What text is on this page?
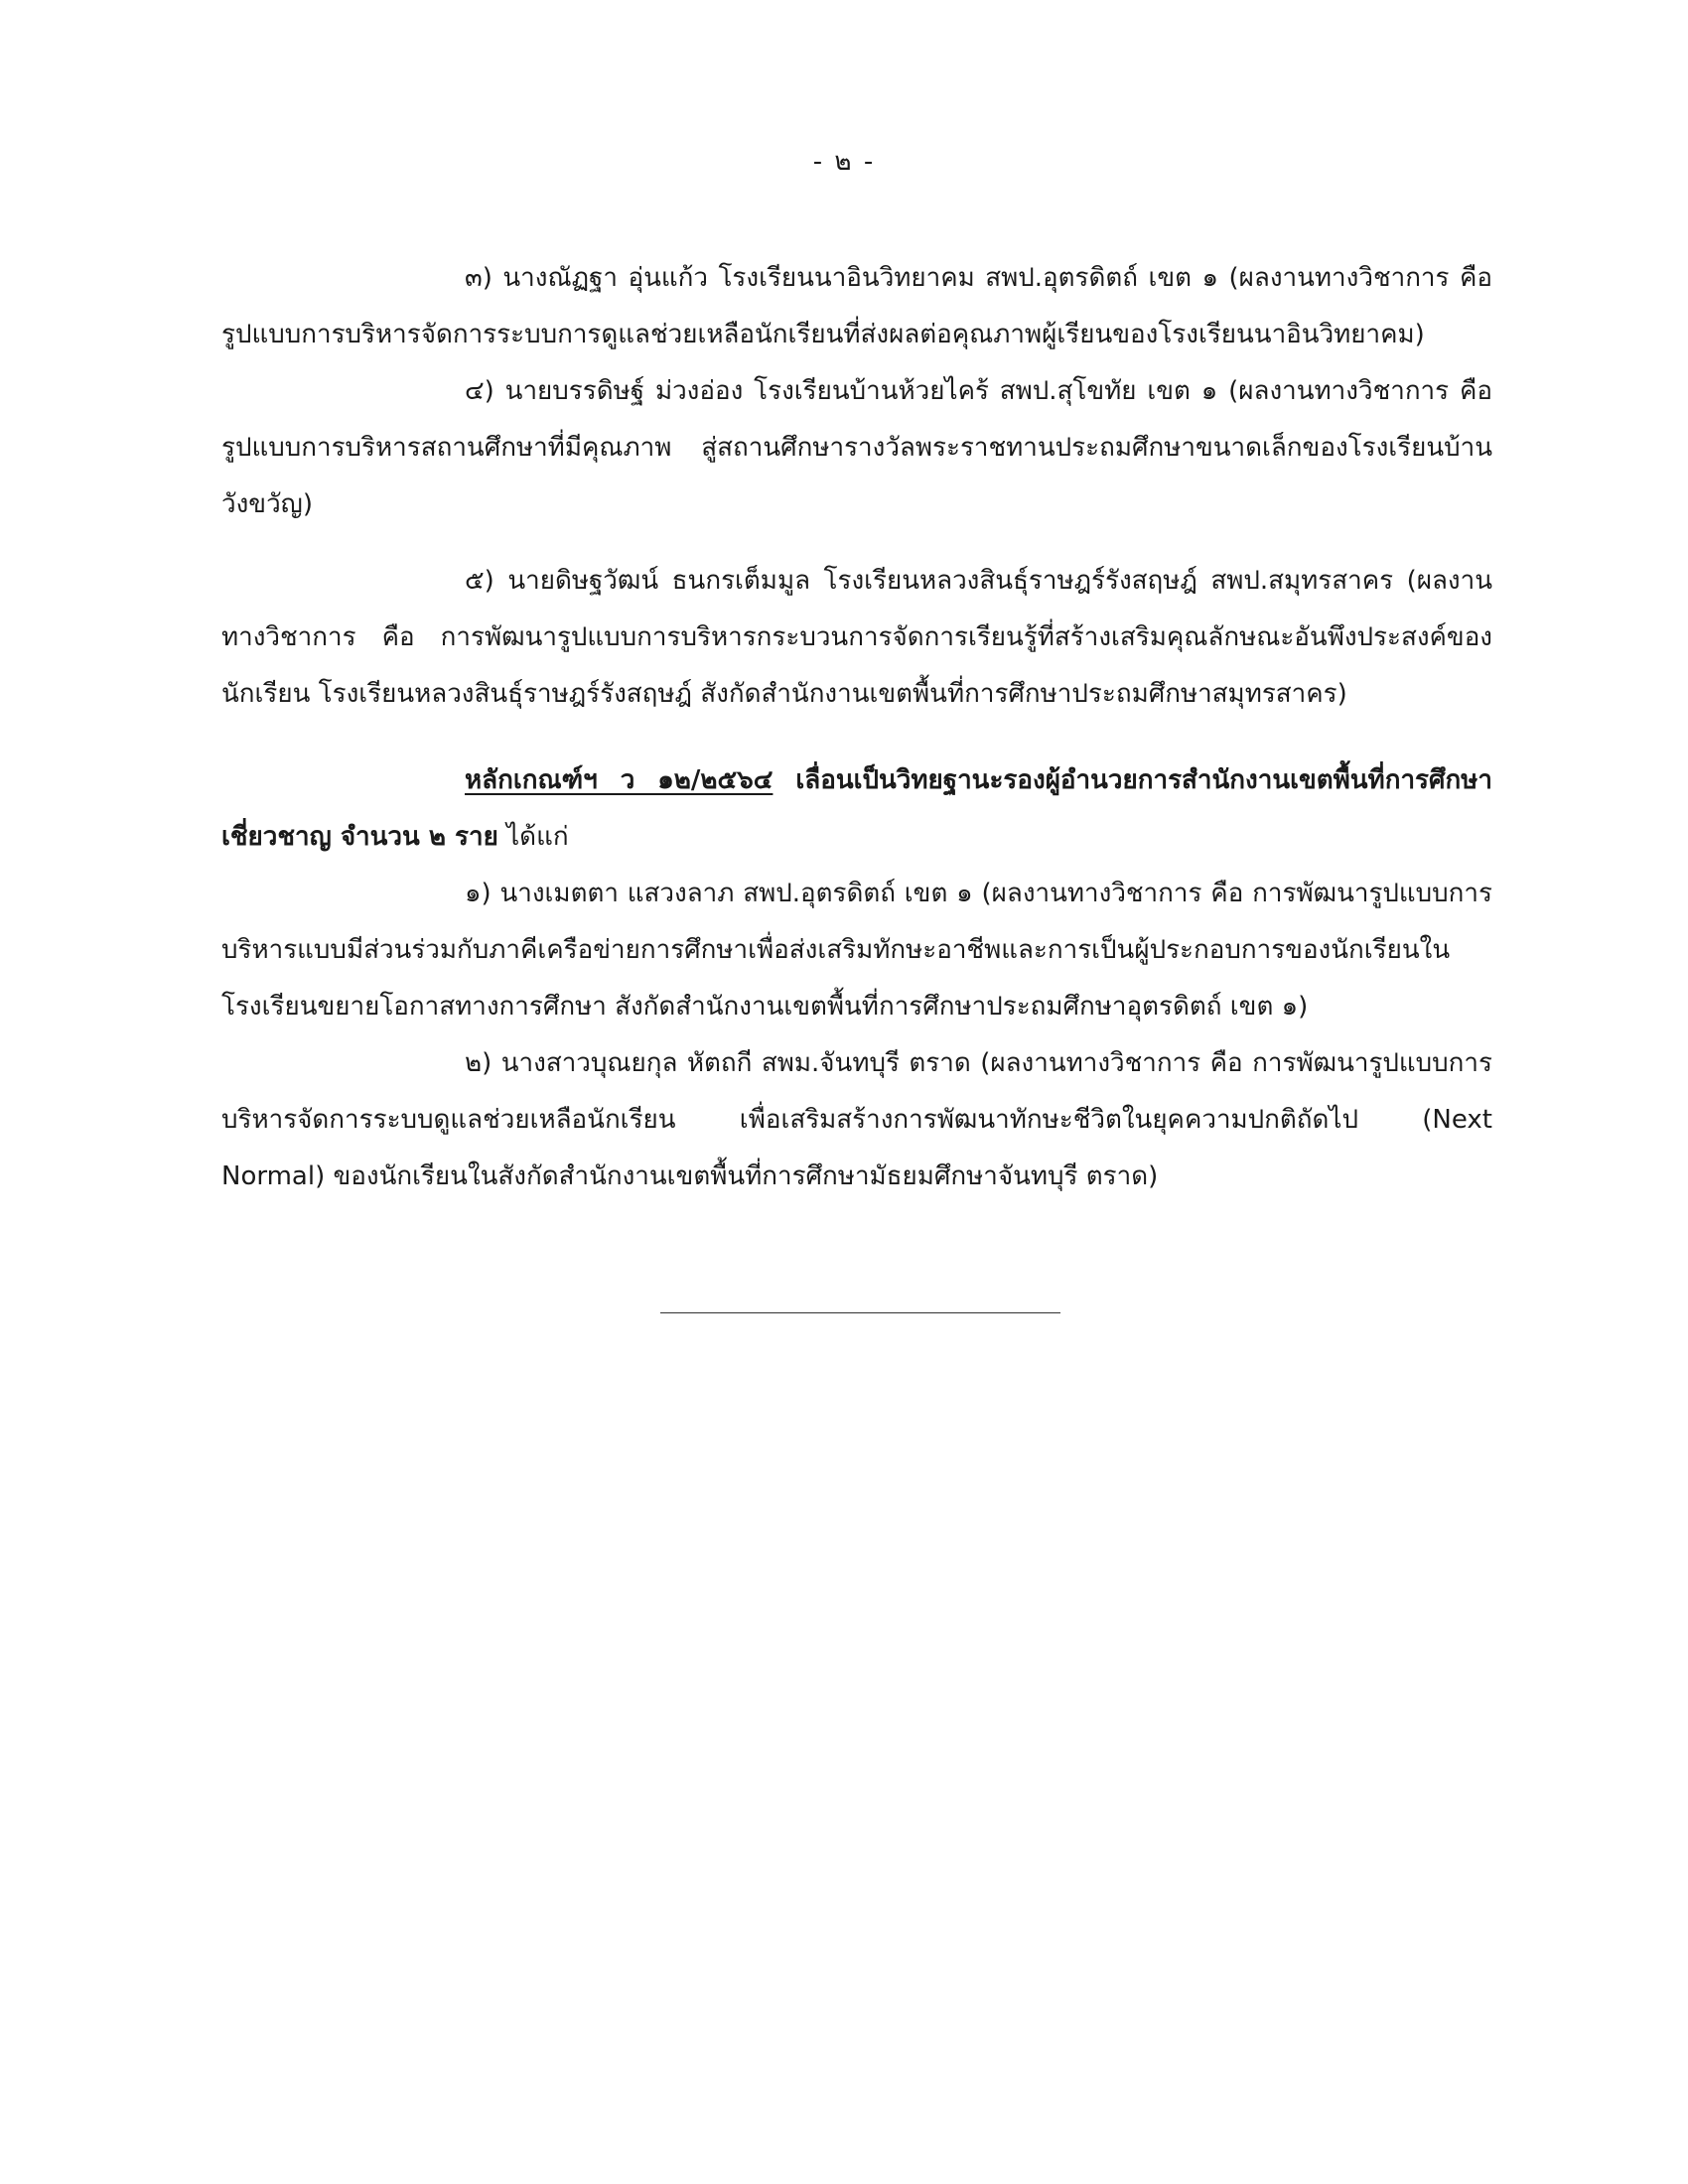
- ๒ -

๓) นางณัฏฐา อุ่นแก้ว โรงเรียนนาอินวิทยาคม สพป.อุตรดิตถ์ เขต ๑ (ผลงานทางวิชาการ คือ รูปแบบการบริหารจัดการระบบการดูแลช่วยเหลือนักเรียนที่ส่งผลต่อคุณภาพผู้เรียนของโรงเรียนนาอินวิทยาคม)

๔) นายบรรดิษฐ์ ม่วงอ่อง โรงเรียนบ้านห้วยไคร้ สพป.สุโขทัย เขต ๑ (ผลงานทางวิชาการ คือ รูปแบบการบริหารสถานศึกษาที่มีคุณภาพ สู่สถานศึกษารางวัลพระราชทานประถมศึกษาขนาดเล็กของโรงเรียนบ้านวังขวัญ)

๕) นายดิษฐวัฒน์ ธนกรเต็มมูล โรงเรียนหลวงสินธุ์ราษฎร์รังสฤษฎ์ สพป.สมุทรสาคร (ผลงานทางวิชาการ คือ การพัฒนารูปแบบการบริหารกระบวนการจัดการเรียนรู้ที่สร้างเสริมคุณลักษณะอันพึงประสงค์ของนักเรียน โรงเรียนหลวงสินธุ์ราษฎร์รังสฤษฎ์ สังกัดสำนักงานเขตพื้นที่การศึกษาประถมศึกษาสมุทรสาคร)

หลักเกณฑ์ฯ ว ๑๒/๒๕๖๔ เลื่อนเป็นวิทยฐานะรองผู้อำนวยการสำนักงานเขตพื้นที่การศึกษาเชี่ยวชาญ จำนวน ๒ ราย ได้แก่

๑) นางเมตตา แสวงลาภ สพป.อุตรดิตถ์ เขต ๑ (ผลงานทางวิชาการ คือ การพัฒนารูปแบบการบริหารแบบมีส่วนร่วมกับภาคีเครือข่ายการศึกษาเพื่อส่งเสริมทักษะอาชีพและการเป็นผู้ประกอบการของนักเรียนในโรงเรียนขยายโอกาสทางการศึกษา สังกัดสำนักงานเขตพื้นที่การศึกษาประถมศึกษาอุตรดิตถ์ เขต ๑)

๒) นางสาวบุณยกุล หัตถกี สพม.จันทบุรี ตราด (ผลงานทางวิชาการ คือ การพัฒนารูปแบบการบริหารจัดการระบบดูแลช่วยเหลือนักเรียน เพื่อเสริมสร้างการพัฒนาทักษะชีวิตในยุคความปกติถัดไป (Next Normal) ของนักเรียนในสังกัดสำนักงานเขตพื้นที่การศึกษามัธยมศึกษาจันทบุรี ตราด)
